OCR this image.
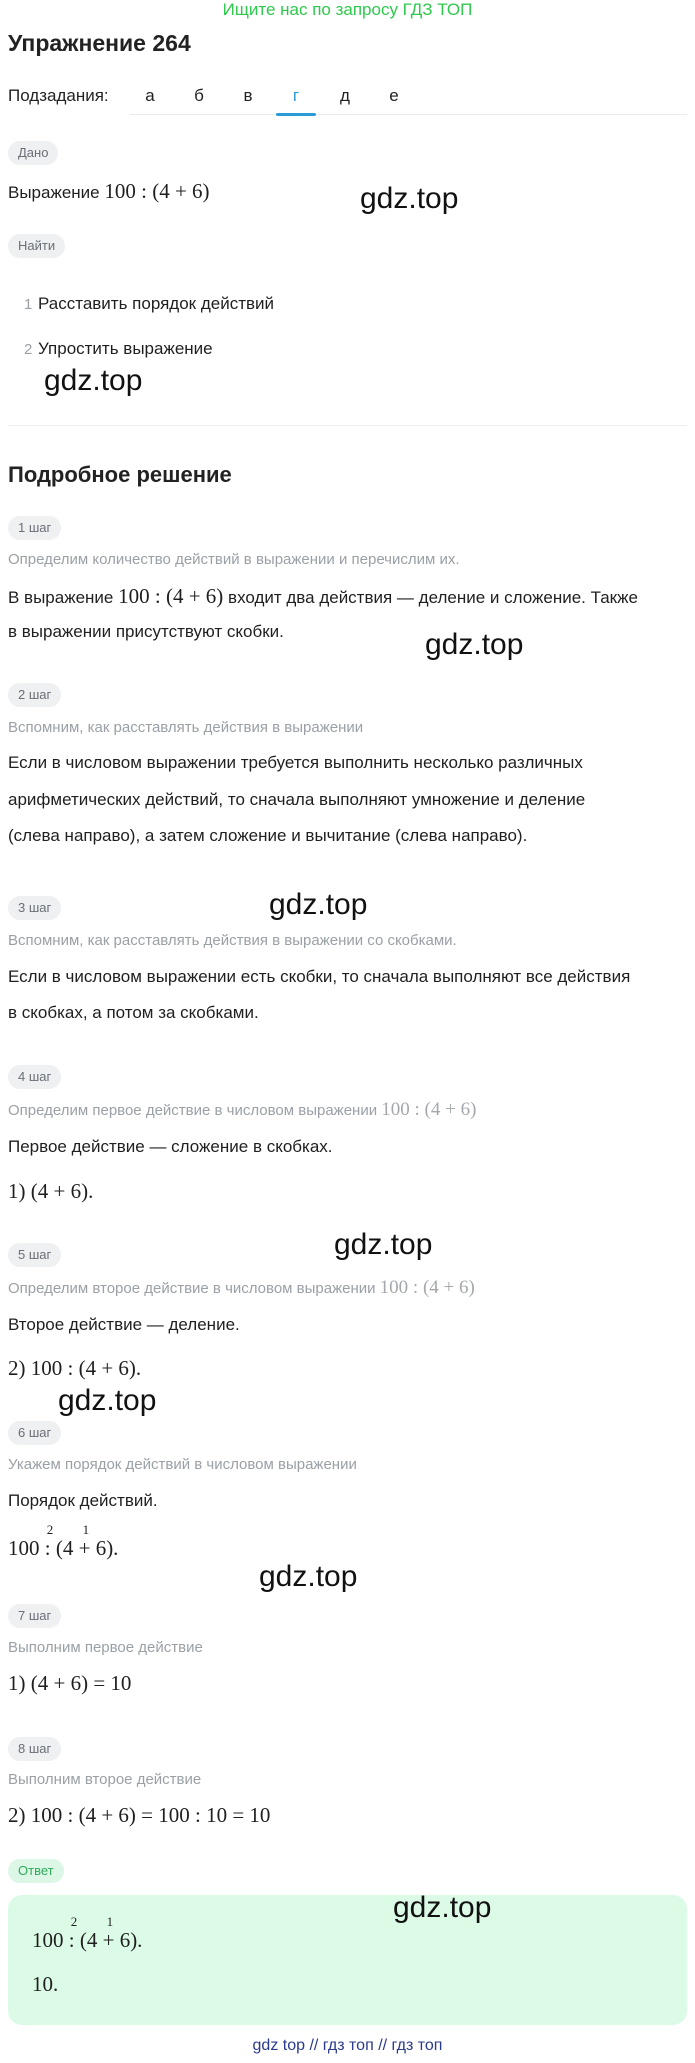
Ищите нас по запросу ГДЗ ТОП
Упражнение 264
Подзадания:	а	б	в	г	д	е
Дано
Выражение 100 : (4 + 6)	gdz.top
Найти
1 Расставить порядок действий
2 Упростить выражение
gdz.top
Подробное решение
1 шаг
Определим количество действий в выражении и перечислим их.
В выражение 100 : (4 + 6) входит два действия — деление и сложение. Также
в выражении присутствуют скобки.	gdz.top
2 шаг
Вспомним, как расставлять действия в выражении
Если в числовом выражении требуется выполнить несколько различных
арифметических действий, то сначала выполняют умножение и деление
(слева направо), а затем сложение и вычитание (слева направо).
gdz.top
3 шаг
Вспомним, как расставлять действия в выражении со скобками.
Если в числовом выражении есть скобки, то сначала выполняют все действия
в скобках, а потом за скобками.
4 шаг
Определим первое действие в числовом выражении 100 : (4 + 6)
Первое действие — сложение в скобках.
1) (4 + 6).
gdz.top
5 шаг
Определим второе действие в числовом выражении 100 : (4 + 6)
Второе действие — деление.
2) 100 : (4 + 6).
gdz.top
6 шаг
Укажем порядок действий в числовом выражении
Порядок действий.
100
2
: (4
1
+ 6).
gdz.top
7 шаг
Выполним первое действие
1) (4 + 6) = 10
8 шаг
Выполним второе действие
2) 100 : (4 + 6) = 100 : 10 = 10
Ответ
gdz.top
100
2
: (4
1
+ 6).
10.
gdz top // гдз топ // гдз топ
